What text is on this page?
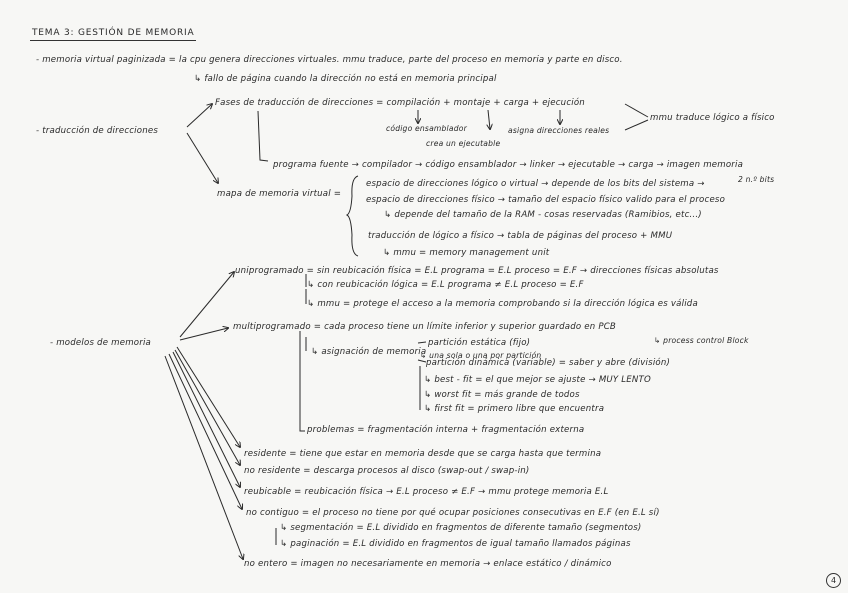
TEMA 3: GESTIÓN DE MEMORIA
- memoria virtual paginizada = la cpu genera direcciones virtuales. mmu traduce, parte del proceso en memoria y parte en disco.
↳ fallo de página cuando la dirección no está en memoria principal
Fases de traducción de direcciones = compilación + montaje + carga + ejecución
mmu traduce lógico a físico
- traducción de direcciones	código ensamblador	asigna direcciones reales
crea un ejecutable
programa fuente → compilador → código ensamblador → linker → ejecutable → carga → imagen memoria
espacio de direcciones lógico o virtual → depende de los bits del sistema →	2 n.º bits
mapa de memoria virtual =
espacio de direcciones físico → tamaño del espacio físico valido para el proceso
↳ depende del tamaño de la RAM - cosas reservadas (Ramibios, etc...)
traducción de lógico a físico → tabla de páginas del proceso + MMU
↳ mmu = memory management unit
uniprogramado = sin reubicación física = E.L programa = E.L proceso = E.F → direcciones físicas absolutas
↳ con reubicación lógica = E.L programa ≠ E.L proceso = E.F
↳ mmu = protege el acceso a la memoria comprobando si la dirección lógica es válida
multiprogramado = cada proceso tiene un límite inferior y superior guardado en PCB
↳ process control Block
- modelos de memoria	partición estática (fijo)
↳ asignación de memoria
↳ una sola o una por partición
partición dinámica (variable) = saber y abre (división)
↳ best - fit = el que mejor se ajuste → MUY LENTO
↳ worst fit = más grande de todos
↳ first fit = primero libre que encuentra
problemas = fragmentación interna + fragmentación externa
residente = tiene que estar en memoria desde que se carga hasta que termina
no residente = descarga procesos al disco (swap-out / swap-in)
reubicable = reubicación física → E.L proceso ≠ E.F → mmu protege memoria E.L
no contiguo = el proceso no tiene por qué ocupar posiciones consecutivas en E.F (en E.L sí)
↳ segmentación = E.L dividido en fragmentos de diferente tamaño (segmentos)
↳ paginación = E.L dividido en fragmentos de igual tamaño llamados páginas
no entero = imagen no necesariamente en memoria → enlace estático / dinámico
4
